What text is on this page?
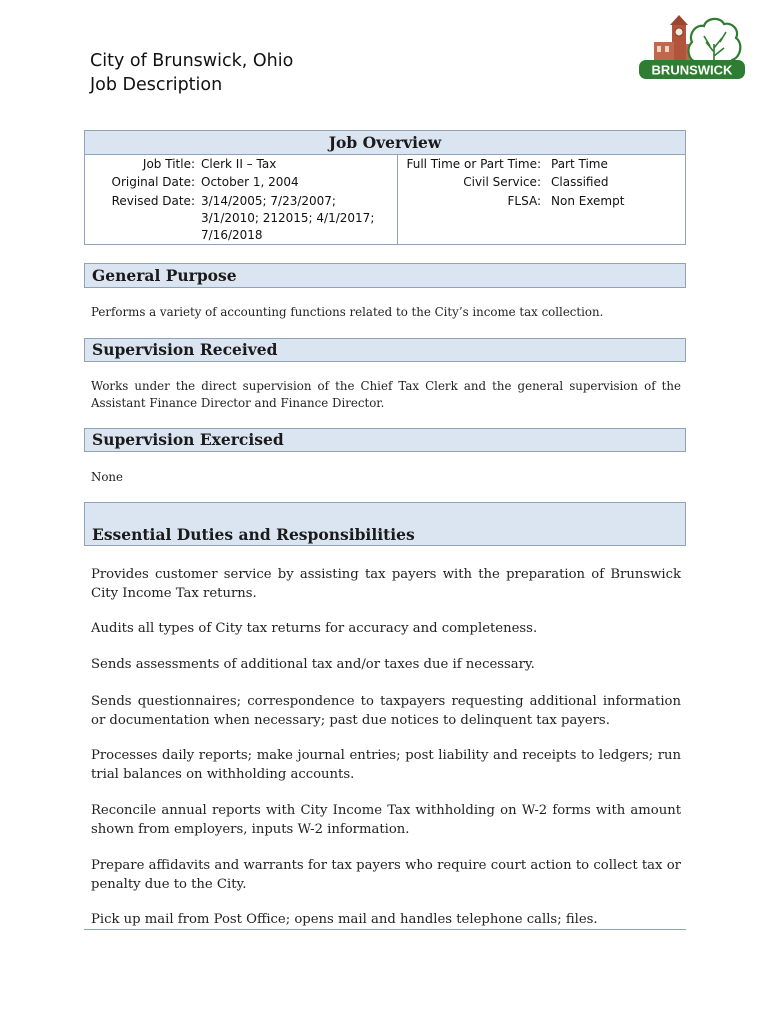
City of Brunswick, Ohio
Job Description
BRUNSWICK
Job Overview
Job Title: Clerk II – Tax
Original Date: October 1, 2004
Revised Date: 3/14/2005; 7/23/2007;
3/1/2010; 212015; 4/1/2017;
7/16/2018
Full Time or Part Time: Part Time
Civil Service: Classified
FLSA: Non Exempt
General Purpose
Performs a variety of accounting functions related to the City’s income tax collection.
Supervision Received
Works under the direct supervision of the Chief Tax Clerk and the general supervision of the Assistant Finance Director and Finance Director.
Supervision Exercised
None
Essential Duties and Responsibilities
Provides customer service by assisting tax payers with the preparation of Brunswick City Income Tax returns.
Audits all types of City tax returns for accuracy and completeness.
Sends assessments of additional tax and/or taxes due if necessary.
Sends questionnaires; correspondence to taxpayers requesting additional information or documentation when necessary; past due notices to delinquent tax payers.
Processes daily reports; make journal entries; post liability and receipts to ledgers; run trial balances on withholding accounts.
Reconcile annual reports with City Income Tax withholding on W-2 forms with amount shown from employers, inputs W-2 information.
Prepare affidavits and warrants for tax payers who require court action to collect tax or penalty due to the City.
Pick up mail from Post Office; opens mail and handles telephone calls; files.
